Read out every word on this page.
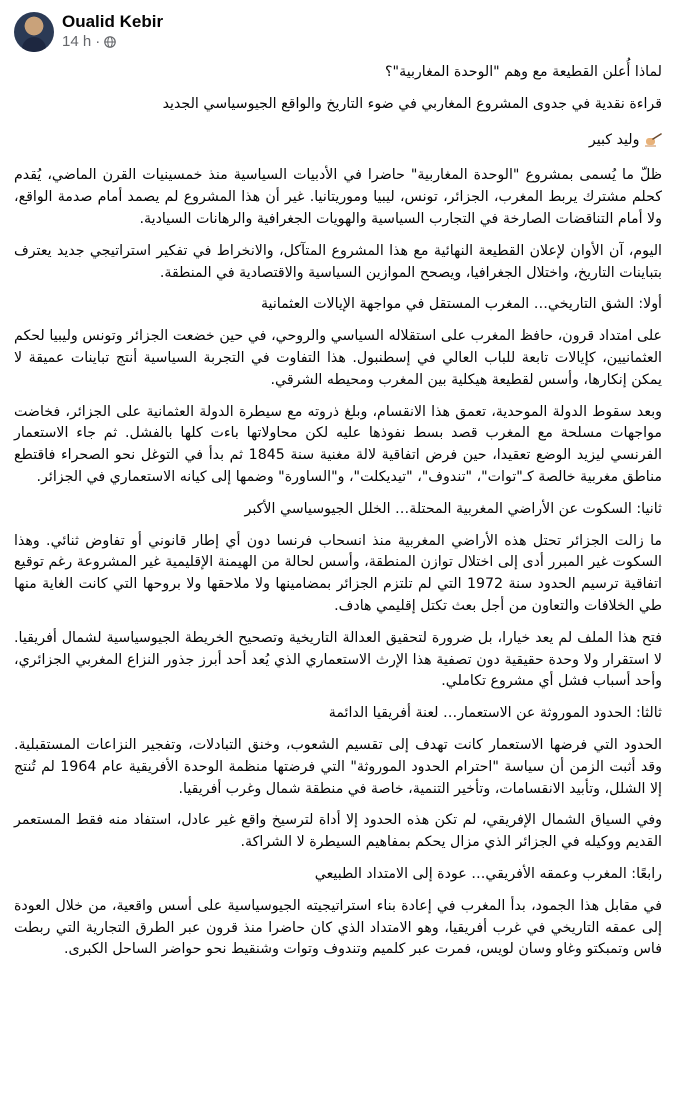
Oualid Kebir
14 h ·

لماذا أُعلن القطيعة مع وهم "الوحدة المغاربية"؟

قراءة نقدية في جدوى المشروع المغاربي في ضوء التاريخ والواقع الجيوسياسي الجديد

وليد كبير

ظلّ ما يُسمى بمشروع "الوحدة المغاربية" حاضرا في الأدبيات السياسية منذ خمسينيات القرن الماضي، يُقدم كحلم مشترك يربط المغرب، الجزائر، تونس، ليبيا وموريتانيا. غير أن هذا المشروع لم يصمد أمام صدمة الواقع، ولا أمام التناقضات الصارخة في التجارب السياسية والهويات الجغرافية والرهانات السيادية.

اليوم، آن الأوان لإعلان القطيعة النهائية مع هذا المشروع المتآكل، والانخراط في تفكير استراتيجي جديد يعترف بتباينات التاريخ، واختلال الجغرافيا، ويصحح الموازين السياسية والاقتصادية في المنطقة.

أولا: الشق التاريخي… المغرب المستقل في مواجهة الإيالات العثمانية

على امتداد قرون، حافظ المغرب على استقلاله السياسي والروحي، في حين خضعت الجزائر وتونس وليبيا لحكم العثمانيين، كإيالات تابعة للباب العالي في إسطنبول. هذا التفاوت في التجربة السياسية أنتج تباينات عميقة لا يمكن إنكارها، وأسس لقطيعة هيكلية بين المغرب ومحيطه الشرقي.

وبعد سقوط الدولة الموحدية، تعمق هذا الانقسام، وبلغ ذروته مع سيطرة الدولة العثمانية على الجزائر، فخاضت مواجهات مسلحة مع المغرب قصد بسط نفوذها عليه لكن محاولاتها باءت كلها بالفشل. ثم جاء الاستعمار الفرنسي ليزيد الوضع تعقيدا، حين فرض اتفاقية لالة مغنية سنة 1845 ثم بدأ في التوغل نحو الصحراء فاقتطع مناطق مغربية خالصة كـ"توات"، "تندوف"، "تيديكلت"، و"الساورة" وضمها إلى كيانه الاستعماري في الجزائر.

ثانيا: السكوت عن الأراضي المغربية المحتلة… الخلل الجيوسياسي الأكبر

ما زالت الجزائر تحتل هذه الأراضي المغربية منذ انسحاب فرنسا دون أي إطار قانوني أو تفاوض ثنائي. وهذا السكوت غير المبرر أدى إلى اختلال توازن المنطقة، وأسس لحالة من الهيمنة الإقليمية غير المشروعة رغم توقيع اتفاقية ترسيم الحدود سنة 1972 التي لم تلتزم الجزائر بمضامينها ولا ملاحقها ولا بروحها التي كانت الغاية منها طي الخلافات والتعاون من أجل بعث تكتل إقليمي هادف.

فتح هذا الملف لم يعد خيارا، بل ضرورة لتحقيق العدالة التاريخية وتصحيح الخريطة الجيوسياسية لشمال أفريقيا. لا استقرار ولا وحدة حقيقية دون تصفية هذا الإرث الاستعماري الذي يُعد أحد أبرز جذور النزاع المغربي الجزائري، وأحد أسباب فشل أي مشروع تكاملي.

ثالثا: الحدود الموروثة عن الاستعمار… لعنة أفريقيا الدائمة

الحدود التي فرضها الاستعمار كانت تهدف إلى تقسيم الشعوب، وخنق التبادلات، وتفجير النزاعات المستقبلية. وقد أثبت الزمن أن سياسة "احترام الحدود الموروثة" التي فرضتها منظمة الوحدة الأفريقية عام 1964 لم تُنتج إلا الشلل، وتأبيد الانقسامات، وتأخير التنمية، خاصة في منطقة شمال وغرب أفريقيا.

وفي السياق الشمال الإفريقي، لم تكن هذه الحدود إلا أداة لترسيخ واقع غير عادل، استفاد منه فقط المستعمر القديم ووكيله في الجزائر الذي مزال يحكم بمفاهيم السيطرة لا الشراكة.

رابعًا: المغرب وعمقه الأفريقي… عودة إلى الامتداد الطبيعي

في مقابل هذا الجمود، بدأ المغرب في إعادة بناء استراتيجيته الجيوسياسية على أسس واقعية، من خلال العودة إلى عمقه التاريخي في غرب أفريقيا، وهو الامتداد الذي كان حاضرا منذ قرون عبر الطرق التجارية التي ربطت فاس وتمبكتو وغاو وسان لويس، فمرت عبر كلميم وتندوف وتوات وشنقيط نحو حواضر الساحل الكبرى.
